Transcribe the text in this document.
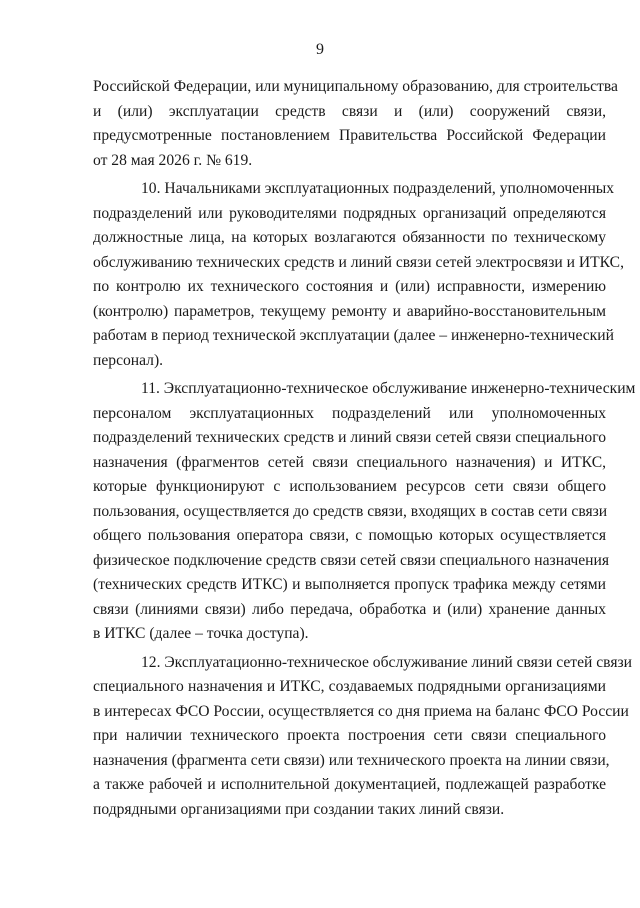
9
Российской Федерации, или муниципальному образованию, для строительства
и (или) эксплуатации средств связи и (или) сооружений связи,
предусмотренные постановлением Правительства Российской Федерации
от 28 мая 2026 г. № 619.
10. Начальниками эксплуатационных подразделений, уполномоченных
подразделений или руководителями подрядных организаций определяются
должностные лица, на которых возлагаются обязанности по техническому
обслуживанию технических средств и линий связи сетей электросвязи и ИТКС,
по контролю их технического состояния и (или) исправности, измерению
(контролю) параметров, текущему ремонту и аварийно-восстановительным
работам в период технической эксплуатации (далее – инженерно-технический
персонал).
11. Эксплуатационно-техническое обслуживание инженерно-техническим
персоналом эксплуатационных подразделений или уполномоченных
подразделений технических средств и линий связи сетей связи специального
назначения (фрагментов сетей связи специального назначения) и ИТКС,
которые функционируют с использованием ресурсов сети связи общего
пользования, осуществляется до средств связи, входящих в состав сети связи
общего пользования оператора связи, с помощью которых осуществляется
физическое подключение средств связи сетей связи специального назначения
(технических средств ИТКС) и выполняется пропуск трафика между сетями
связи (линиями связи) либо передача, обработка и (или) хранение данных
в ИТКС (далее – точка доступа).
12. Эксплуатационно-техническое обслуживание линий связи сетей связи
специального назначения и ИТКС, создаваемых подрядными организациями
в интересах ФСО России, осуществляется со дня приема на баланс ФСО России
при наличии технического проекта построения сети связи специального
назначения (фрагмента сети связи) или технического проекта на линии связи,
а также рабочей и исполнительной документацией, подлежащей разработке
подрядными организациями при создании таких линий связи.
